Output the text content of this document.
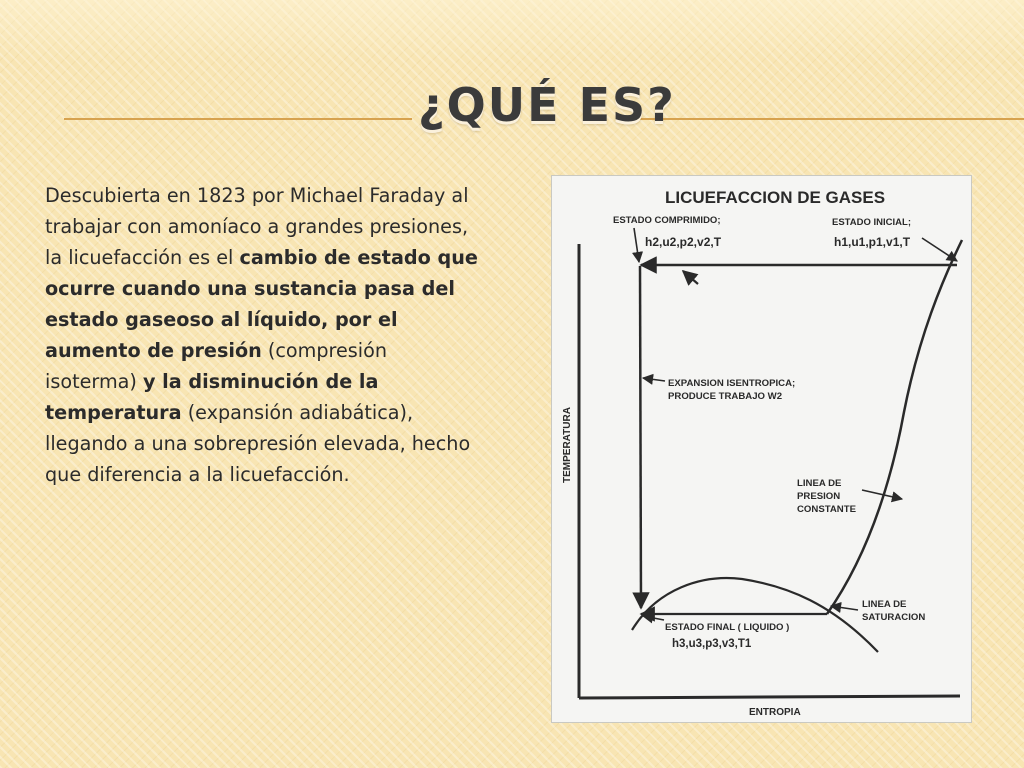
¿QUÉ ES?

Descubierta en 1823 por Michael Faraday al trabajar con amoníaco a grandes presiones, la licuefacción es el cambio de estado que ocurre cuando una sustancia pasa del estado gaseoso al líquido, por el aumento de presión (compresión isoterma) y la disminución de la temperatura (expansión adiabática), llegando a una sobrepresión elevada, hecho que diferencia a la licuefacción.

LICUEFACCION DE GASES
ESTADO COMPRIMIDO;	ESTADO INICIAL;
h2,u2,p2,v2,T	h1,u1,p1,v1,T
EXPANSION ISENTROPICA;
PRODUCE TRABAJO W2
LINEA DE
PRESION
CONSTANTE
LINEA DE
SATURACION
ESTADO FINAL ( LIQUIDO )
h3,u3,p3,v3,T1
TEMPERATURA
ENTROPIA
